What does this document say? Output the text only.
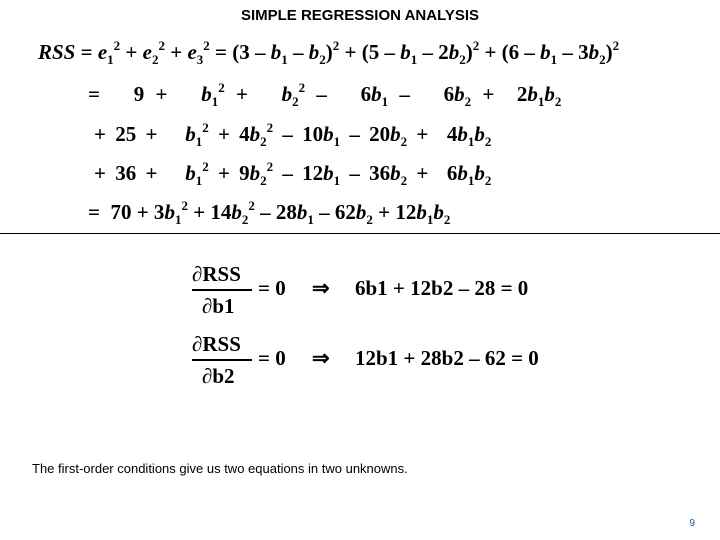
SIMPLE REGRESSION ANALYSIS
RSS = $e_1^2 + e_2^2 + e_3^2 = (3 - b_1 - b_2)^2 + (5 - b_1 - 2b_2)^2 + (6 - b_1 - 3b_2)^2$
=   $9 + b_1^2 + b_2^2 - 6b_1 - 6b_2 + 2b_1b_2$
+ $25 + b_1^2 + 4b_2^2 - 10b_1 - 20b_2 + 4b_1b_2$
+ $36 + b_1^2 + 9b_2^2 - 12b_1 - 36b_2 + 6b_1b_2$
=  $70 + 3b_1^2 + 14b_2^2 - 28b_1 - 62b_2 + 12b_1b_2$
∂RSS
∂b1
= 0 ⇒ 6b1 + 12b2 – 28 = 0
∂RSS
∂b2
= 0 ⇒ 12b1 + 28b2 – 62 = 0
The first-order conditions give us two equations in two unknowns.
9
